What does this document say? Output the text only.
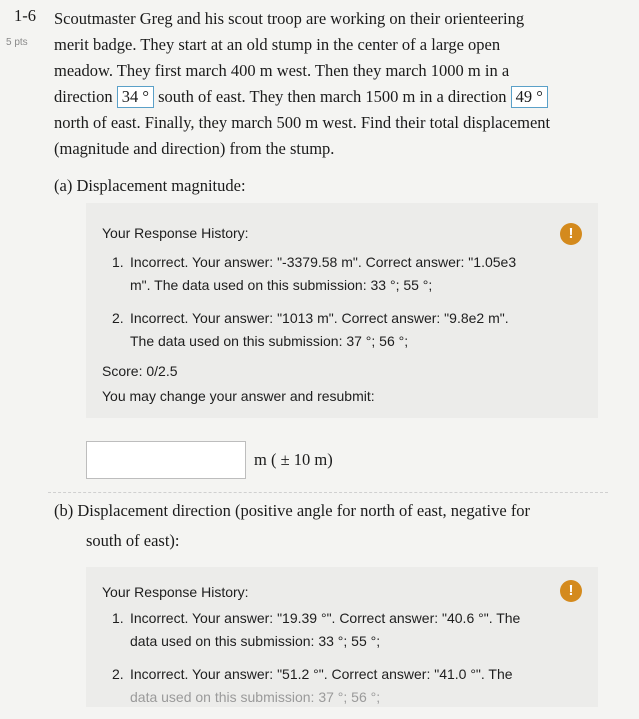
1-6
5 pts
Scoutmaster Greg and his scout troop are working on their orienteering
merit badge. They start at an old stump in the center of a large open
meadow. They first march 400 m west. Then they march 1000 m in a
direction 34 ° south of east. They then march 1500 m in a direction 49 °
north of east. Finally, they march 500 m west. Find their total displacement
(magnitude and direction) from the stump.
(a) Displacement magnitude:
Your Response History:	!
1. Incorrect. Your answer: "-3379.58 m". Correct answer: "1.05e3
m". The data used on this submission: 33 °; 55 °;
2. Incorrect. Your answer: "1013 m". Correct answer: "9.8e2 m".
The data used on this submission: 37 °; 56 °;
Score: 0/2.5
You may change your answer and resubmit:
m ( ± 10 m)
(b) Displacement direction (positive angle for north of east, negative for
south of east):
Your Response History:	!
1. Incorrect. Your answer: "19.39 °". Correct answer: "40.6 °". The
data used on this submission: 33 °; 55 °;
2. Incorrect. Your answer: "51.2 °". Correct answer: "41.0 °". The
data used on this submission: 37 °; 56 °;
